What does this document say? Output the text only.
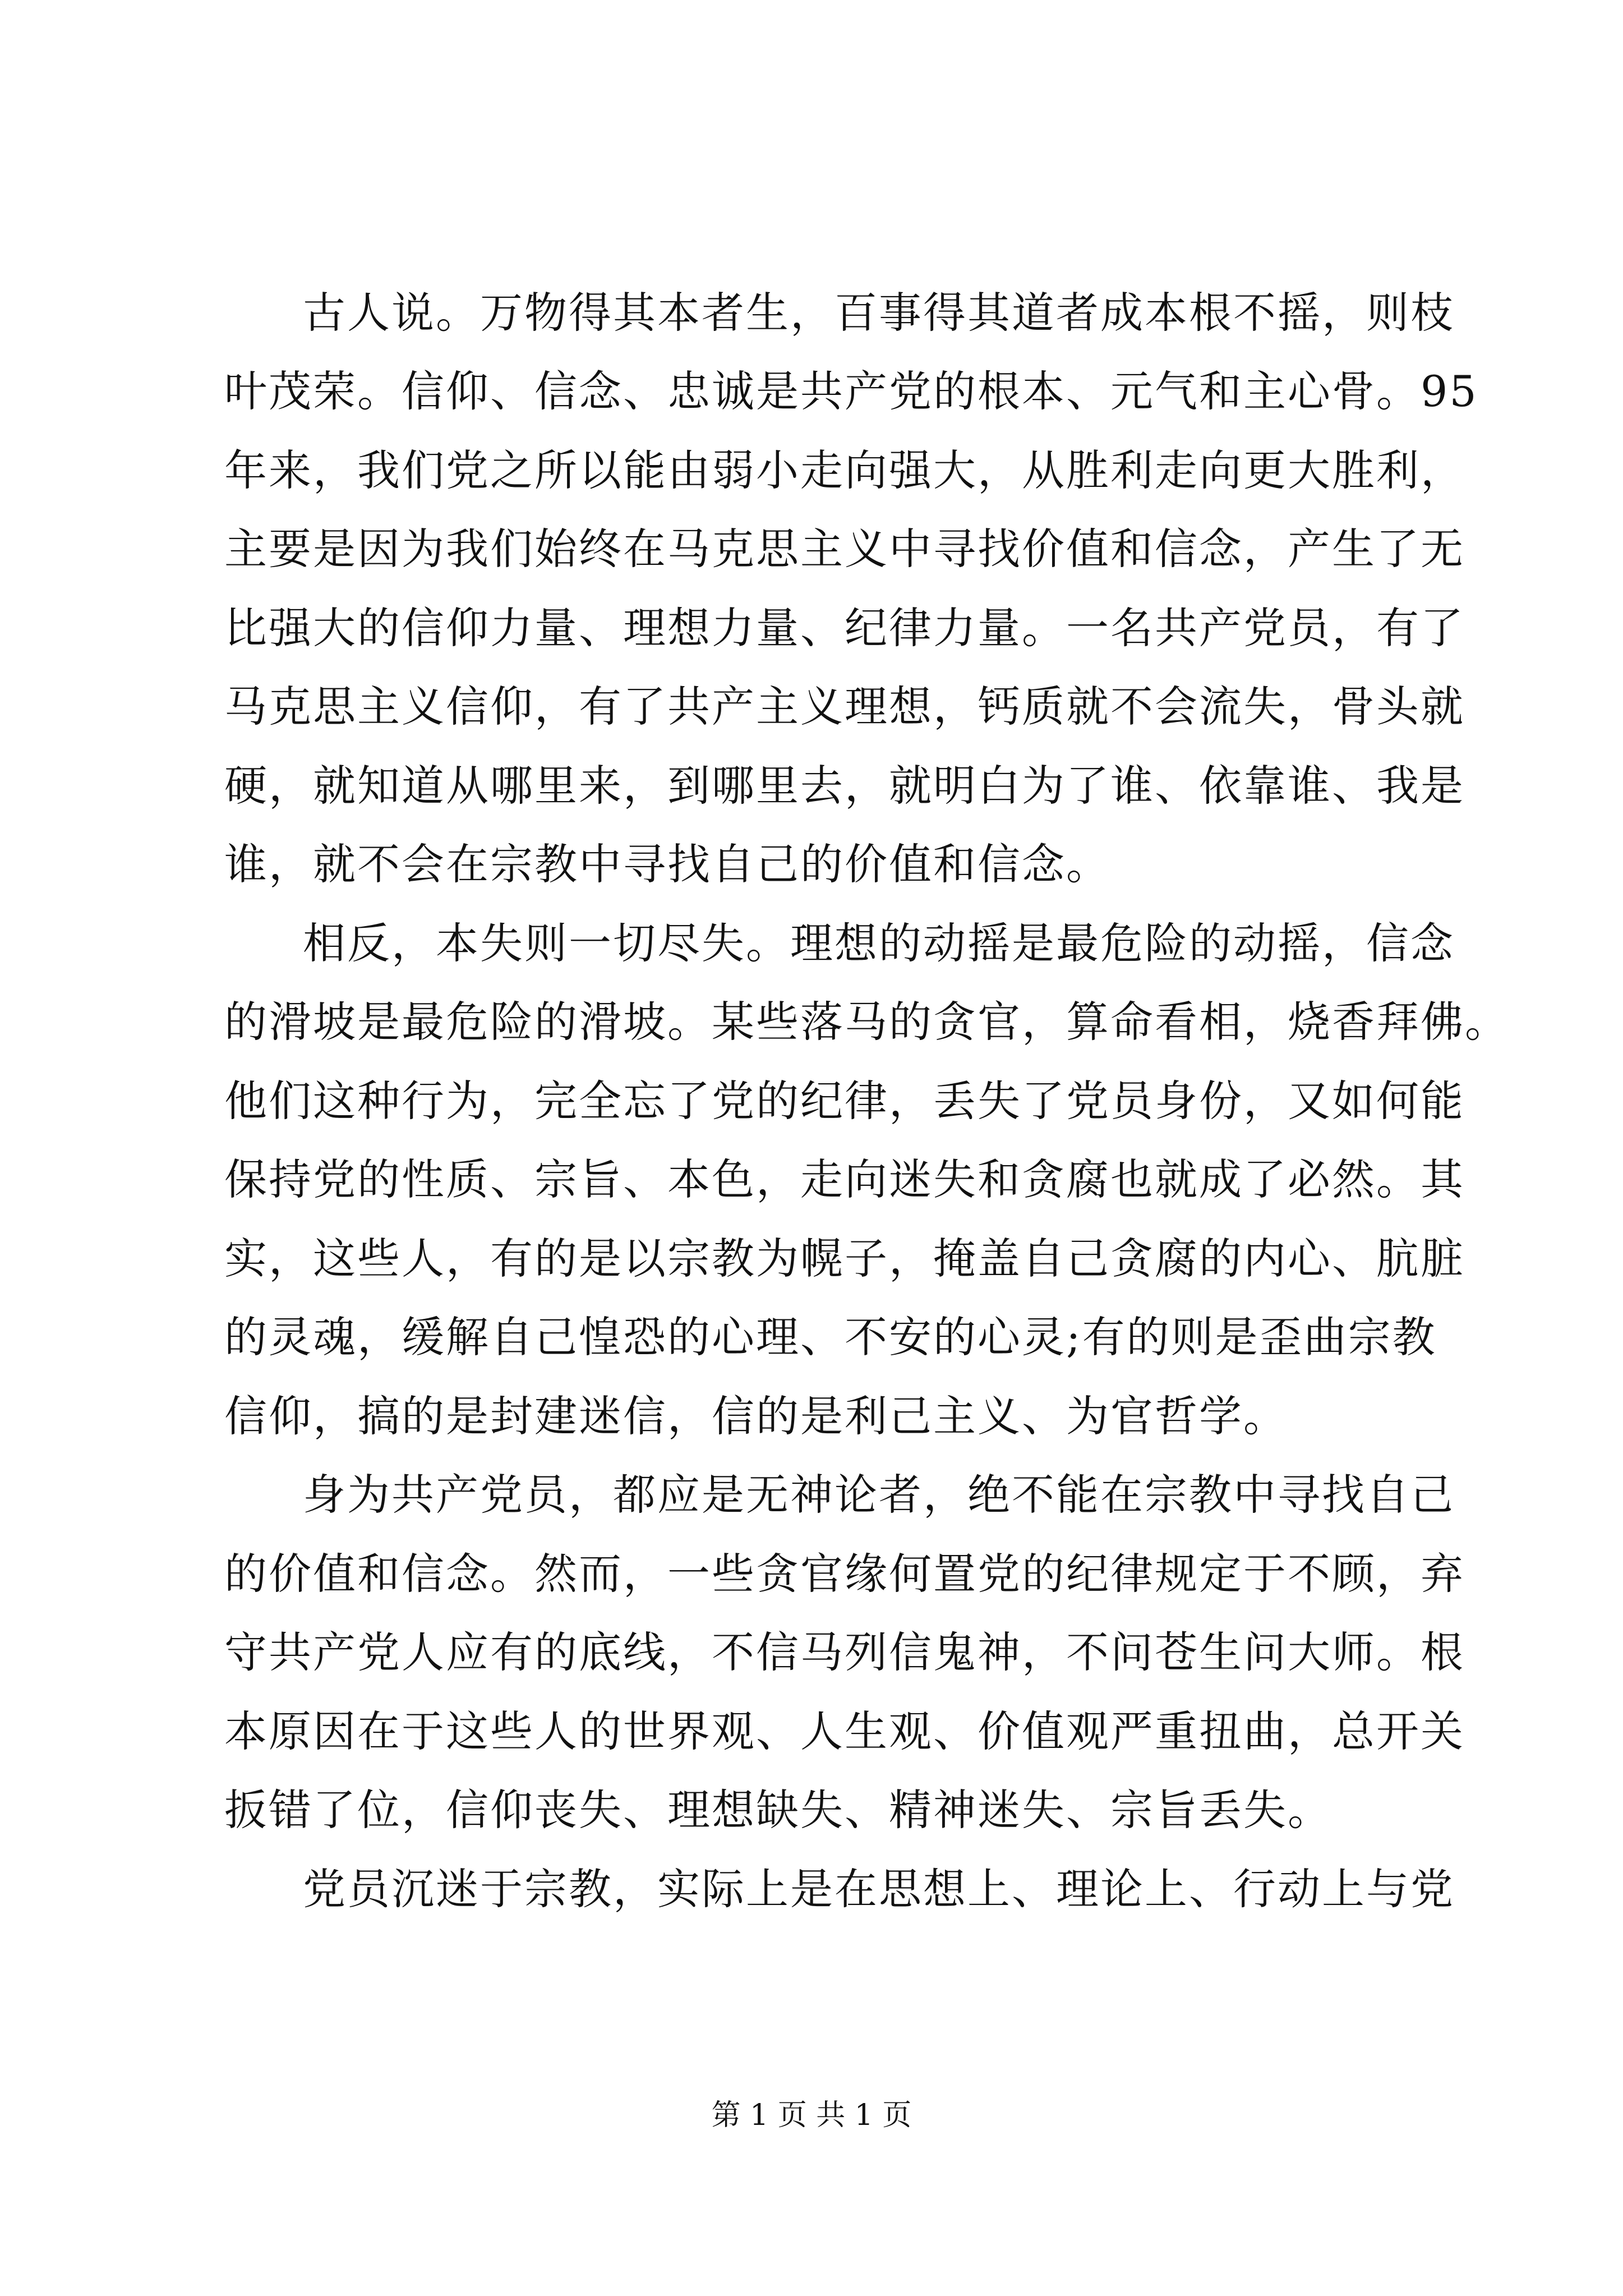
古人说。万物得其本者生，百事得其道者成本根不摇，则枝
叶茂荣。信仰、信念、忠诚是共产党的根本、元气和主心骨。95
年来，我们党之所以能由弱小走向强大，从胜利走向更大胜利，
主要是因为我们始终在马克思主义中寻找价值和信念，产生了无
比强大的信仰力量、理想力量、纪律力量。一名共产党员，有了
马克思主义信仰，有了共产主义理想，钙质就不会流失，骨头就
硬，就知道从哪里来，到哪里去，就明白为了谁、依靠谁、我是
谁，就不会在宗教中寻找自己的价值和信念。
相反，本失则一切尽失。理想的动摇是最危险的动摇，信念
的滑坡是最危险的滑坡。某些落马的贪官，算命看相，烧香拜佛。
他们这种行为，完全忘了党的纪律，丢失了党员身份，又如何能
保持党的性质、宗旨、本色，走向迷失和贪腐也就成了必然。其
实，这些人，有的是以宗教为幌子，掩盖自己贪腐的内心、肮脏
的灵魂，缓解自己惶恐的心理、不安的心灵;有的则是歪曲宗教
信仰，搞的是封建迷信，信的是利己主义、为官哲学。
身为共产党员，都应是无神论者，绝不能在宗教中寻找自己
的价值和信念。然而，一些贪官缘何置党的纪律规定于不顾，弃
守共产党人应有的底线，不信马列信鬼神，不问苍生问大师。根
本原因在于这些人的世界观、人生观、价值观严重扭曲，总开关
扳错了位，信仰丧失、理想缺失、精神迷失、宗旨丢失。
党员沉迷于宗教，实际上是在思想上、理论上、行动上与党
第 1 页 共 1 页
